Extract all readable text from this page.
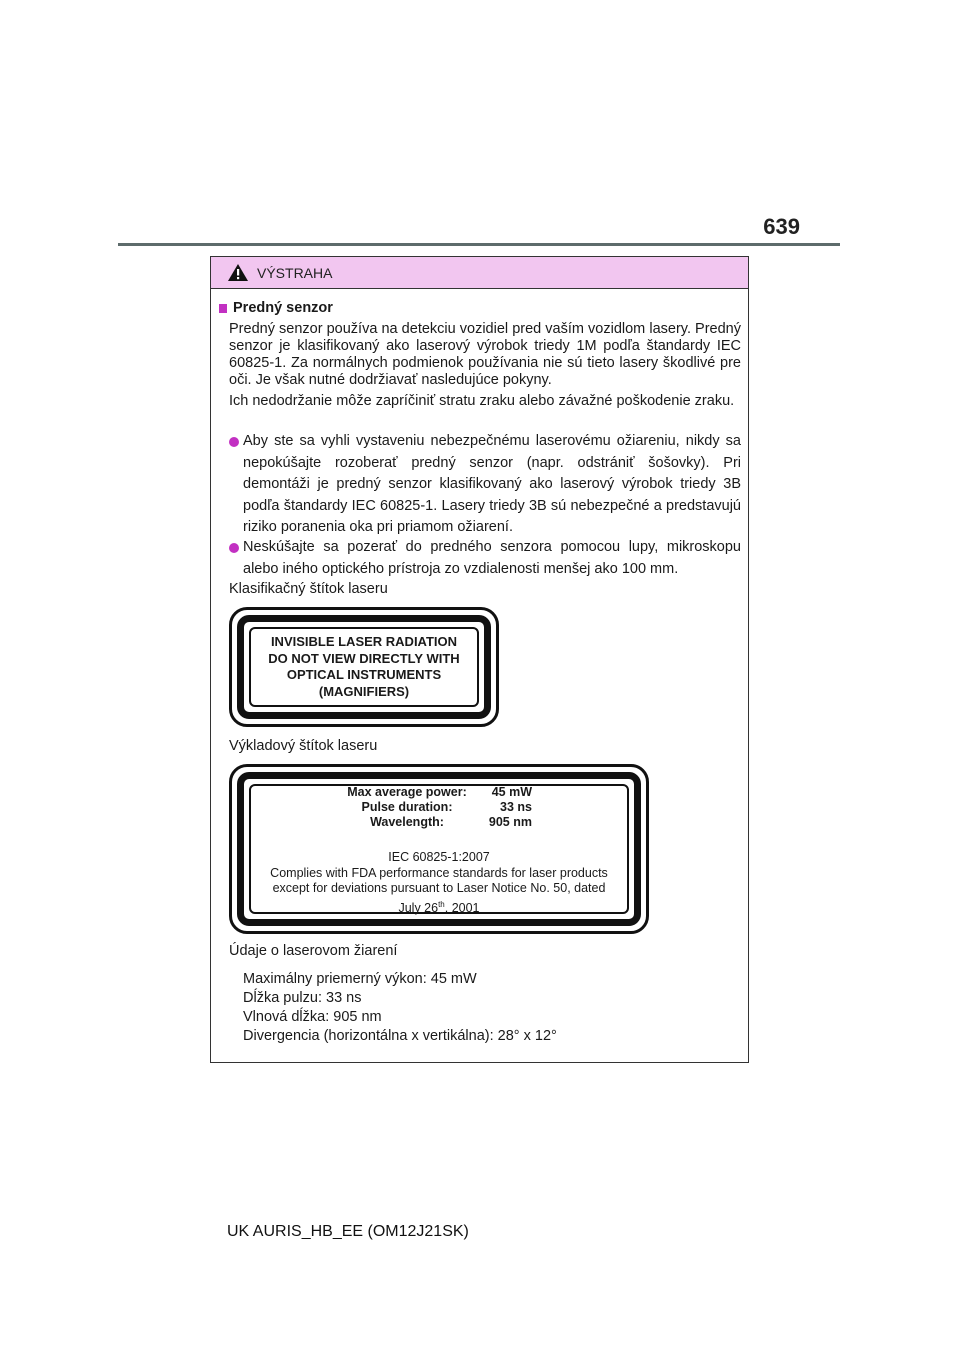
639
VÝSTRAHA
Predný senzor
Predný senzor používa na detekciu vozidiel pred vaším vozidlom lasery. Predný senzor je klasifikovaný ako laserový výrobok triedy 1M podľa štandardy IEC 60825-1. Za normálnych podmienok používania nie sú tieto lasery škodlivé pre oči. Je však nutné dodržiavať nasledujúce pokyny.
Ich nedodržanie môže zapríčiniť stratu zraku alebo závažné poškodenie zraku.
Aby ste sa vyhli vystaveniu nebezpečnému laserovému ožiareniu, nikdy sa nepokúšajte rozoberať predný senzor (napr. odstrániť šošovky). Pri demontáži je predný senzor klasifikovaný ako laserový výrobok triedy 3B podľa štandardy IEC 60825-1. Lasery triedy 3B sú nebezpečné a predstavujú riziko poranenia oka pri priamom ožiarení.
Neskúšajte sa pozerať do predného senzora pomocou lupy, mikroskopu alebo iného optického prístroja zo vzdialenosti menšej ako 100 mm.
Klasifikačný štítok laseru
INVISIBLE LASER RADIATION
DO NOT VIEW DIRECTLY WITH
OPTICAL INSTRUMENTS
(MAGNIFIERS)
Výkladový štítok laseru
Max average power:	45 mW
Pulse duration:	33 ns
Wavelength:	905 nm
IEC 60825-1:2007
Complies with FDA performance standards for laser products
except for deviations pursuant to Laser Notice No. 50, dated
July 26th, 2001
Údaje o laserovom žiarení
Maximálny priemerný výkon: 45 mW
Dĺžka pulzu: 33 ns
Vlnová dĺžka: 905 nm
Divergencia (horizontálna x vertikálna): 28° x 12°
UK AURIS_HB_EE (OM12J21SK)
